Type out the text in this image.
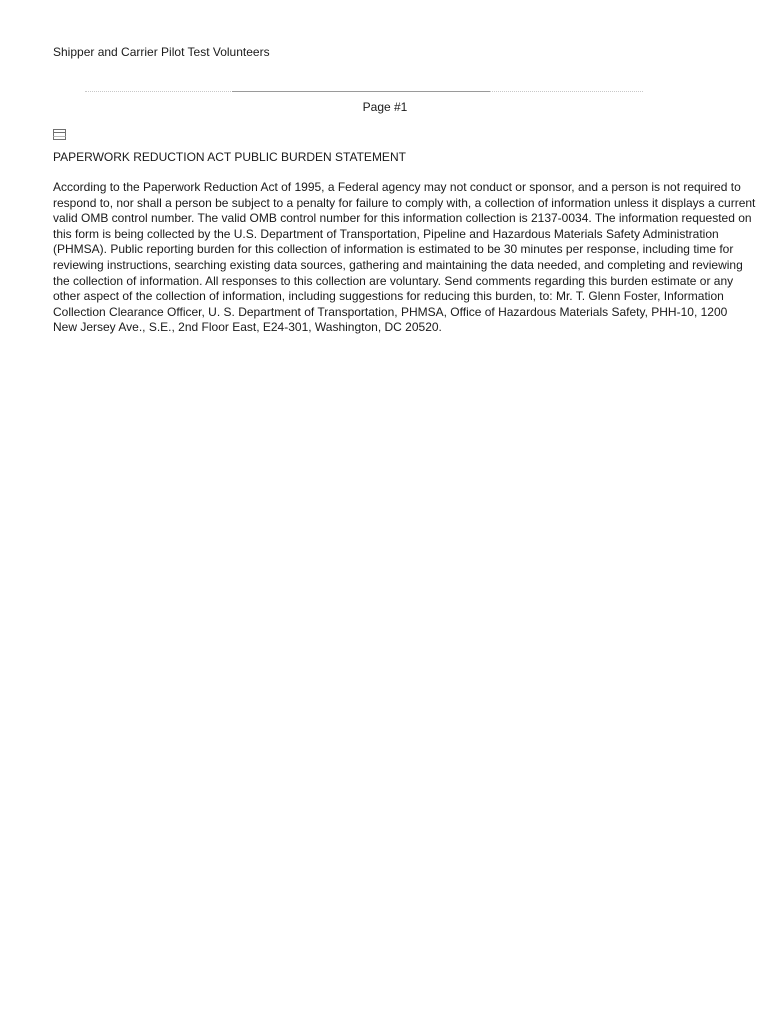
Shipper and Carrier Pilot Test Volunteers
Page #1
PAPERWORK REDUCTION ACT PUBLIC BURDEN STATEMENT

According to the Paperwork Reduction Act of 1995, a Federal agency may not conduct or sponsor, and a person is not required to
respond to, nor shall a person be subject to a penalty for failure to comply with, a collection of information unless it displays a current
valid OMB control number. The valid OMB control number for this information collection is 2137-0034. The information requested on
this form is being collected by the U.S. Department of Transportation, Pipeline and Hazardous Materials Safety Administration
(PHMSA). Public reporting burden for this collection of information is estimated to be 30 minutes per response, including time for
reviewing instructions, searching existing data sources, gathering and maintaining the data needed, and completing and reviewing
the collection of information. All responses to this collection are voluntary. Send comments regarding this burden estimate or any
other aspect of the collection of information, including suggestions for reducing this burden, to: Mr. T. Glenn Foster, Information
Collection Clearance Officer, U. S. Department of Transportation, PHMSA, Office of Hazardous Materials Safety, PHH-10, 1200
New Jersey Ave., S.E., 2nd Floor East, E24-301, Washington, DC 20520.
